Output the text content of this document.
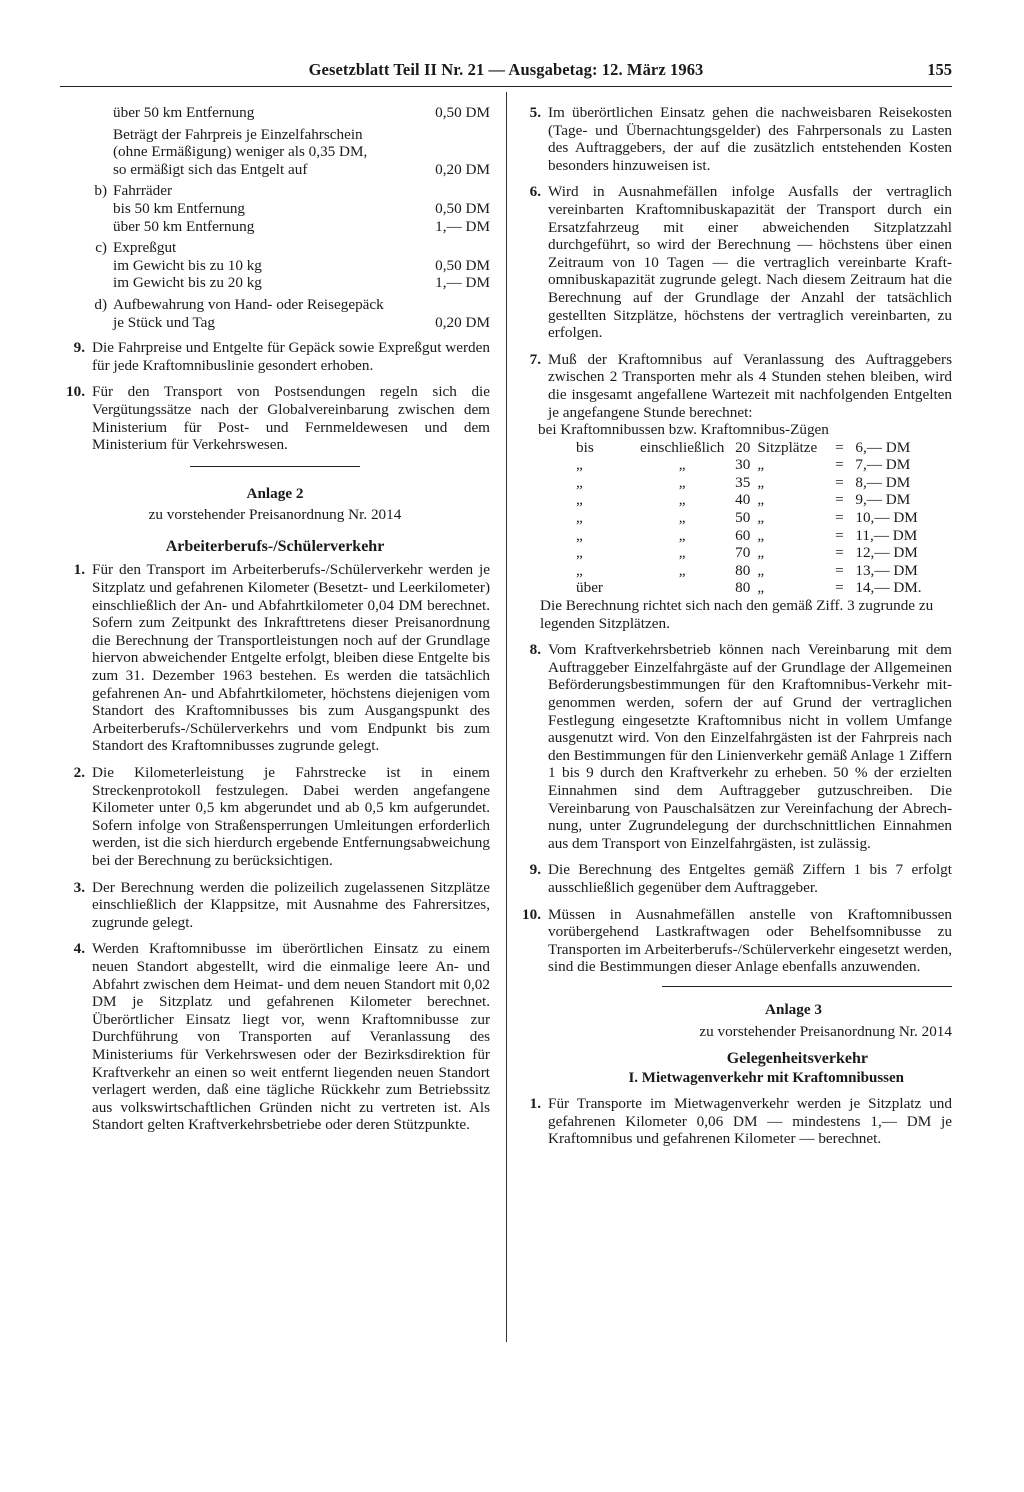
Gesetzblatt Teil II Nr. 21 — Ausgabetag: 12. März 1963	155
über 50 km Entfernung	0,50 DM
Beträgt der Fahrpreis je Einzelfahrschein (ohne Ermäßigung) weniger als 0,35 DM, so ermäßigt sich das Entgelt auf	0,20 DM
b) Fahrräder
bis 50 km Entfernung	0,50 DM
über 50 km Entfernung	1,— DM
c) Expreßgut
im Gewicht bis zu 10 kg	0,50 DM
im Gewicht bis zu 20 kg	1,— DM
d) Aufbewahrung von Hand- oder Reisegepäck
je Stück und Tag	0,20 DM
9. Die Fahrpreise und Entgelte für Gepäck sowie Expreßgut werden für jede Kraftomnibuslinie gesondert erhoben.
10. Für den Transport von Postsendungen regeln sich die Vergütungssätze nach der Globalvereinbarung zwischen dem Ministerium für Post- und Fernmeldewesen und dem Ministerium für Verkehrswesen.
Anlage 2
zu vorstehender Preisanordnung Nr. 2014
Arbeiterberufs-/Schülerverkehr
1. Für den Transport im Arbeiterberufs-/Schülerverkehr werden je Sitzplatz und gefahrenen Kilometer (Besetzt- und Leerkilometer) einschließlich der An- und Abfahrtkilometer 0,04 DM berechnet. Sofern zum Zeitpunkt des Inkrafttretens dieser Preisanordnung die Berechnung der Transportleistungen noch auf der Grundlage hiervon abweichender Entgelte erfolgt, bleiben diese Entgelte bis zum 31. Dezember 1963 bestehen. Es werden die tatsächlich gefahrenen An- und Abfahrtkilometer, höchstens diejenigen vom Standort des Kraftomnibusses bis zum Ausgangspunkt des Arbeiterberufs-/Schülerverkehrs und vom Endpunkt bis zum Standort des Kraftomnibusses zugrunde gelegt.
2. Die Kilometerleistung je Fahrstrecke ist in einem Streckenprotokoll festzulegen. Dabei werden angefangene Kilometer unter 0,5 km abgerundet und ab 0,5 km aufgerundet. Sofern infolge von Straßensperrungen Umleitungen erforderlich werden, ist die sich hierdurch ergebende Entfernungsabweichung bei der Berechnung zu berücksichtigen.
3. Der Berechnung werden die polizeilich zugelassenen Sitzplätze einschließlich der Klappsitze, mit Ausnahme des Fahrersitzes, zugrunde gelegt.
4. Werden Kraftomnibusse im überörtlichen Einsatz zu einem neuen Standort abgestellt, wird die einmalige leere An- und Abfahrt zwischen dem Heimat- und dem neuen Standort mit 0,02 DM je Sitzplatz und gefahrenen Kilometer berechnet. Überörtlicher Einsatz liegt vor, wenn Kraftomnibusse zur Durchführung von Transporten auf Veranlassung des Ministeriums für Verkehrswesen oder der Bezirksdirektion für Kraftverkehr an einen so weit entfernt liegenden neuen Standort verlagert werden, daß eine tägliche Rückkehr zum Betriebssitz aus volkswirtschaftlichen Gründen nicht zu vertreten ist. Als Standort gelten Kraftverkehrsbetriebe oder deren Stützpunkte.
5. Im überörtlichen Einsatz gehen die nachweisbaren Reisekosten (Tage- und Übernachtungsgelder) des Fahrpersonals zu Lasten des Auftraggebers, der auf die zusätzlich entstehenden Kosten besonders hinzuweisen ist.
6. Wird in Ausnahmefällen infolge Ausfalls der vertraglich vereinbarten Kraftomnibuskapazität der Transport durch ein Ersatzfahrzeug mit einer abweichenden Sitzplatzzahl durchgeführt, so wird der Berechnung — höchstens über einen Zeitraum von 10 Tagen — die vertraglich vereinbarte Kraftomnibuskapazität zugrunde gelegt. Nach diesem Zeitraum hat die Berechnung auf der Grundlage der Anzahl der tatsächlich gestellten Sitzplätze, höchstens der vertraglich vereinbarten, zu erfolgen.
7. Muß der Kraftomnibus auf Veranlassung des Auftraggebers zwischen 2 Transporten mehr als 4 Stunden stehen bleiben, wird die insgesamt angefallene Wartezeit mit nachfolgenden Entgelten je angefangene Stunde berechnet:
bei Kraftomnibussen bzw. Kraftomnibus-Zügen
bis	einschließlich	20	Sitzplätze	=	6,— DM
„	„	30	„	=	7,— DM
„	„	35	„	=	8,— DM
„	„	40	„	=	9,— DM
„	„	50	„	=	10,— DM
„	„	60	„	=	11,— DM
„	„	70	„	=	12,— DM
„	„	80	„	=	13,— DM
über		80	„	=	14,— DM.
Die Berechnung richtet sich nach den gemäß Ziff. 3 zugrunde zu legenden Sitzplätzen.
8. Vom Kraftverkehrsbetrieb können nach Vereinbarung mit dem Auftraggeber Einzelfahrgäste auf der Grundlage der Allgemeinen Beförderungsbestimmungen für den Kraftomnibus-Verkehr mitgenommen werden, sofern der auf Grund der vertraglichen Festlegung eingesetzte Kraftomnibus nicht in vollem Umfange ausgenutzt wird. Von den Einzelfahrgästen ist der Fahrpreis nach den Bestimmungen für den Linienverkehr gemäß Anlage 1 Ziffern 1 bis 9 durch den Kraftverkehr zu erheben. 50 % der erzielten Einnahmen sind dem Auftraggeber gutzuschreiben. Die Vereinbarung von Pauschalsätzen zur Vereinfachung der Abrechnung, unter Zugrundelegung der durchschnittlichen Einnahmen aus dem Transport von Einzelfahrgästen, ist zulässig.
9. Die Berechnung des Entgeltes gemäß Ziffern 1 bis 7 erfolgt ausschließlich gegenüber dem Auftraggeber.
10. Müssen in Ausnahmefällen anstelle von Kraftomnibussen vorübergehend Lastkraftwagen oder Behelfsomnibusse zu Transporten im Arbeiterberufs-/Schülerverkehr eingesetzt werden, sind die Bestimmungen dieser Anlage ebenfalls anzuwenden.
Anlage 3
zu vorstehender Preisanordnung Nr. 2014
Gelegenheitsverkehr
I. Mietwagenverkehr mit Kraftomnibussen
1. Für Transporte im Mietwagenverkehr werden je Sitzplatz und gefahrenen Kilometer 0,06 DM — mindestens 1,— DM je Kraftomnibus und gefahrenen Kilometer — berechnet.
